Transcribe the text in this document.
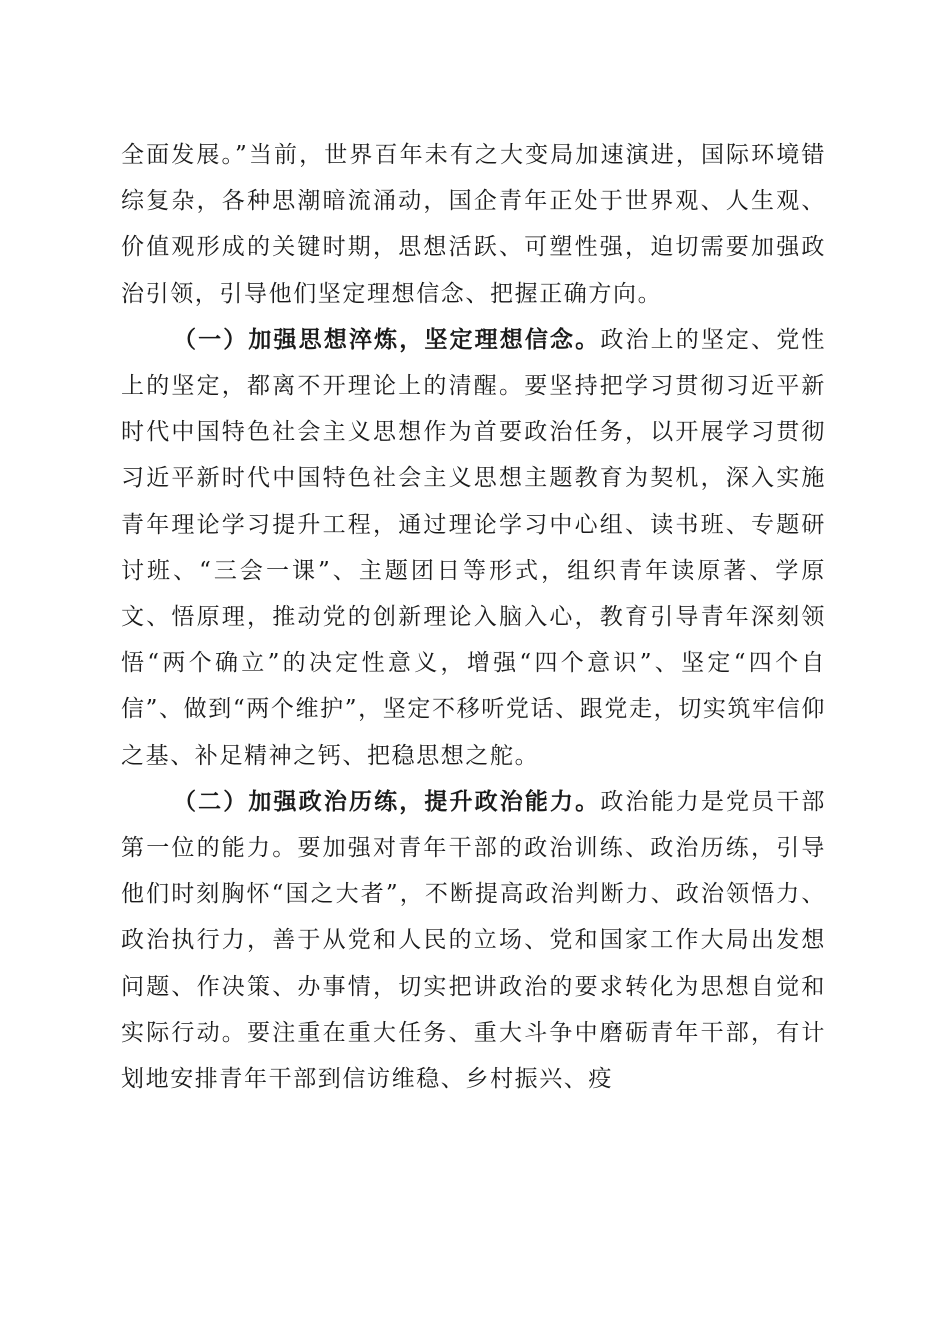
全面发展。”当前，世界百年未有之大变局加速演进，国际环境错综复杂，各种思潮暗流涌动，国企青年正处于世界观、人生观、价值观形成的关键时期，思想活跃、可塑性强，迫切需要加强政治引领，引导他们坚定理想信念、把握正确方向。

（一）加强思想淬炼，坚定理想信念。政治上的坚定、党性上的坚定，都离不开理论上的清醒。要坚持把学习贯彻习近平新时代中国特色社会主义思想作为首要政治任务，以开展学习贯彻习近平新时代中国特色社会主义思想主题教育为契机，深入实施青年理论学习提升工程，通过理论学习中心组、读书班、专题研讨班、“三会一课”、主题团日等形式，组织青年读原著、学原文、悟原理，推动党的创新理论入脑入心，教育引导青年深刻领悟“两个确立”的决定性意义，增强“四个意识”、坚定“四个自信”、做到“两个维护”，坚定不移听党话、跟党走，切实筑牢信仰之基、补足精神之钙、把稳思想之舵。

（二）加强政治历练，提升政治能力。政治能力是党员干部第一位的能力。要加强对青年干部的政治训练、政治历练，引导他们时刻胸怀“国之大者”，不断提高政治判断力、政治领悟力、政治执行力，善于从党和人民的立场、党和国家工作大局出发想问题、作决策、办事情，切实把讲政治的要求转化为思想自觉和实际行动。要注重在重大任务、重大斗争中磨砺青年干部，有计划地安排青年干部到信访维稳、乡村振兴、疫
